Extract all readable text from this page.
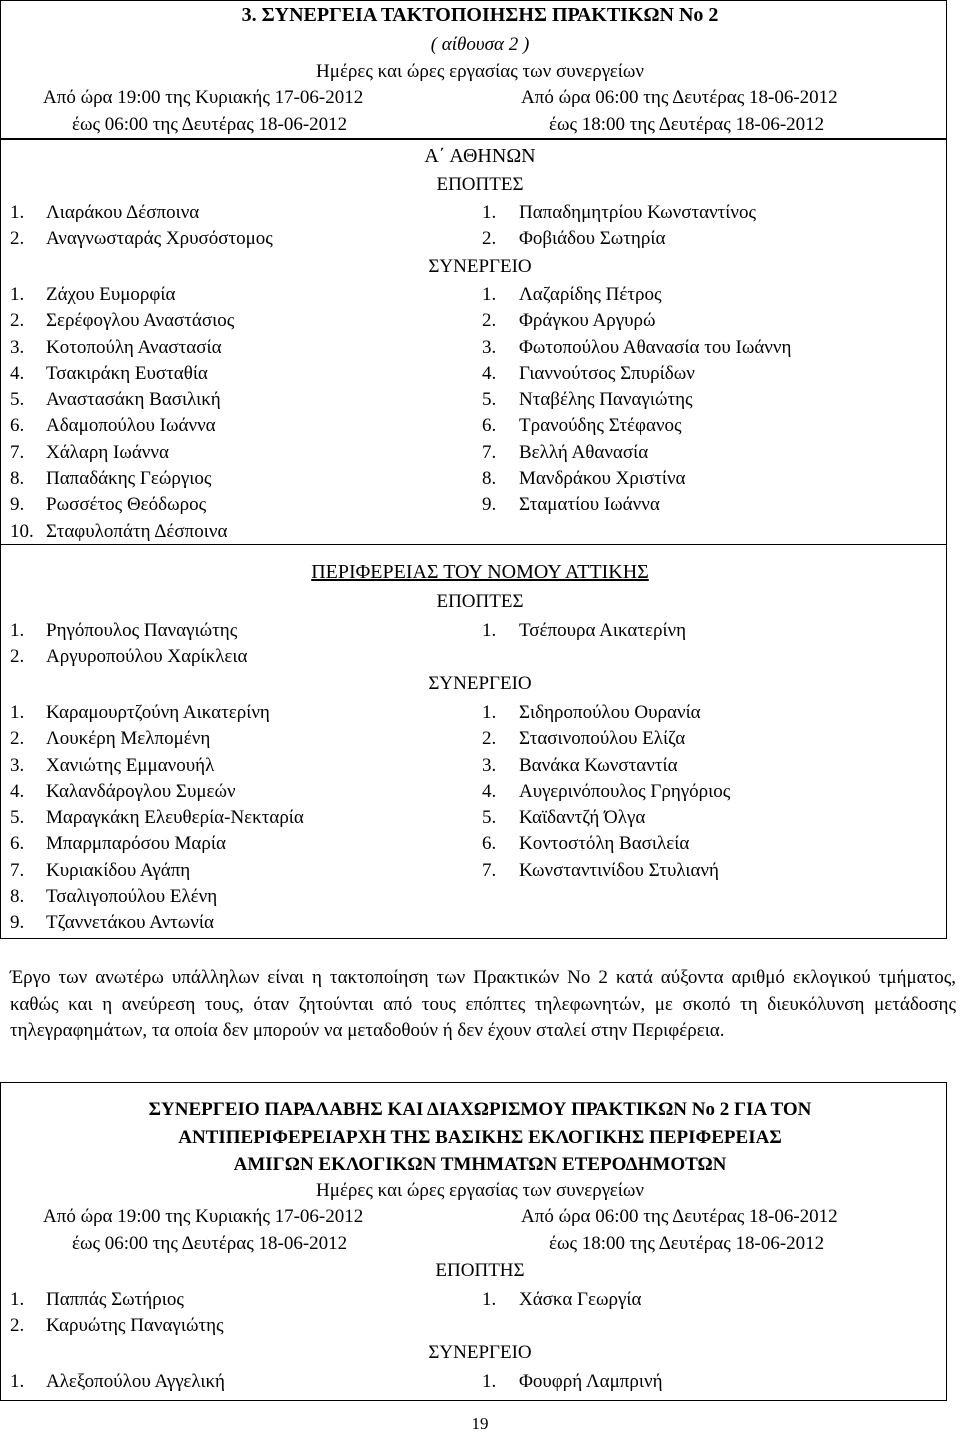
3. ΣΥΝΕΡΓΕΙΑ ΤΑΚΤΟΠΟΙΗΣΗΣ ΠΡΑΚΤΙΚΩΝ Νο 2
( αίθουσα 2 )
Ημέρες και ώρες εργασίας των συνεργείων
Από ώρα 19:00 της Κυριακής 17-06-2012
έως 06:00 της Δευτέρας 18-06-2012
Από ώρα 06:00 της Δευτέρας 18-06-2012
έως 18:00 της Δευτέρας 18-06-2012
Α΄ ΑΘΗΝΩΝ
ΕΠΟΠΤΕΣ
1. Λιαράκου Δέσποινα
2. Αναγνωσταράς Χρυσόστομος
1. Παπαδημητρίου Κωνσταντίνος
2. Φοβιάδου Σωτηρία
ΣΥΝΕΡΓΕΙΟ
1. Ζάχου Ευμορφία
2. Σερέφογλου Αναστάσιος
3. Κοτοπούλη Αναστασία
4. Τσακιράκη Ευσταθία
5. Αναστασάκη Βασιλική
6. Αδαμοπούλου Ιωάννα
7. Χάλαρη Ιωάννα
8. Παπαδάκης Γεώργιος
9. Ρωσσέτος Θεόδωρος
10. Σταφυλοπάτη Δέσποινα
1. Λαζαρίδης Πέτρος
2. Φράγκου Αργυρώ
3. Φωτοπούλου Αθανασία του Ιωάννη
4. Γιαννούτσος Σπυρίδων
5. Νταβέλης Παναγιώτης
6. Τρανούδης Στέφανος
7. Βελλή Αθανασία
8. Μανδράκου Χριστίνα
9. Σταματίου Ιωάννα
ΠΕΡΙΦΕΡΕΙΑΣ ΤΟΥ ΝΟΜΟΥ ΑΤΤΙΚΗΣ
ΕΠΟΠΤΕΣ
1. Ρηγόπουλος Παναγιώτης
2. Αργυροπούλου Χαρίκλεια
1. Τσέπουρα Αικατερίνη
ΣΥΝΕΡΓΕΙΟ
1. Καραμουρτζούνη Αικατερίνη
2. Λουκέρη Μελπομένη
3. Χανιώτης Εμμανουήλ
4. Καλανδάρογλου Συμεών
5. Μαραγκάκη Ελευθερία-Νεκταρία
6. Μπαρμπαρόσου Μαρία
7. Κυριακίδου Αγάπη
8. Τσαλιγοπούλου Ελένη
9. Τζαννετάκου Αντωνία
1. Σιδηροπούλου Ουρανία
2. Στασινοπούλου Ελίζα
3. Βανάκα Κωνσταντία
4. Αυγερινόπουλος Γρηγόριος
5. Καϊδαντζή Όλγα
6. Κοντοστόλη Βασιλεία
7. Κωνσταντινίδου Στυλιανή
Έργο των ανωτέρω υπάλληλων είναι η τακτοποίηση των Πρακτικών Νο 2 κατά αύξοντα αριθμό εκλογικού τμήματος, καθώς και η ανεύρεση τους, όταν ζητούνται από τους επόπτες τηλεφωνητών, με σκοπό τη διευκόλυνση μετάδοσης τηλεγραφημάτων, τα οποία δεν μπορούν να μεταδοθούν ή δεν έχουν σταλεί στην Περιφέρεια.
ΣΥΝΕΡΓΕΙΟ ΠΑΡΑΛΑΒΗΣ ΚΑΙ ΔΙΑΧΩΡΙΣΜΟΥ ΠΡΑΚΤΙΚΩΝ Νο 2 ΓΙΑ ΤΟΝ
ΑΝΤΙΠΕΡΙΦΕΡΕΙΑΡΧΗ ΤΗΣ ΒΑΣΙΚΗΣ ΕΚΛΟΓΙΚΗΣ ΠΕΡΙΦΕΡΕΙΑΣ
ΑΜΙΓΩΝ ΕΚΛΟΓΙΚΩΝ ΤΜΗΜΑΤΩΝ ΕΤΕΡΟΔΗΜΟΤΩΝ
Ημέρες και ώρες εργασίας των συνεργείων
Από ώρα 19:00 της Κυριακής 17-06-2012
έως 06:00 της Δευτέρας 18-06-2012
Από ώρα 06:00 της Δευτέρας 18-06-2012
έως 18:00 της Δευτέρας 18-06-2012
ΕΠΟΠΤΗΣ
1. Παππάς Σωτήριος
2. Καρυώτης Παναγιώτης
1. Χάσκα Γεωργία
ΣΥΝΕΡΓΕΙΟ
1. Αλεξοπούλου Αγγελική	1. Φουφρή Λαμπρινή
19
